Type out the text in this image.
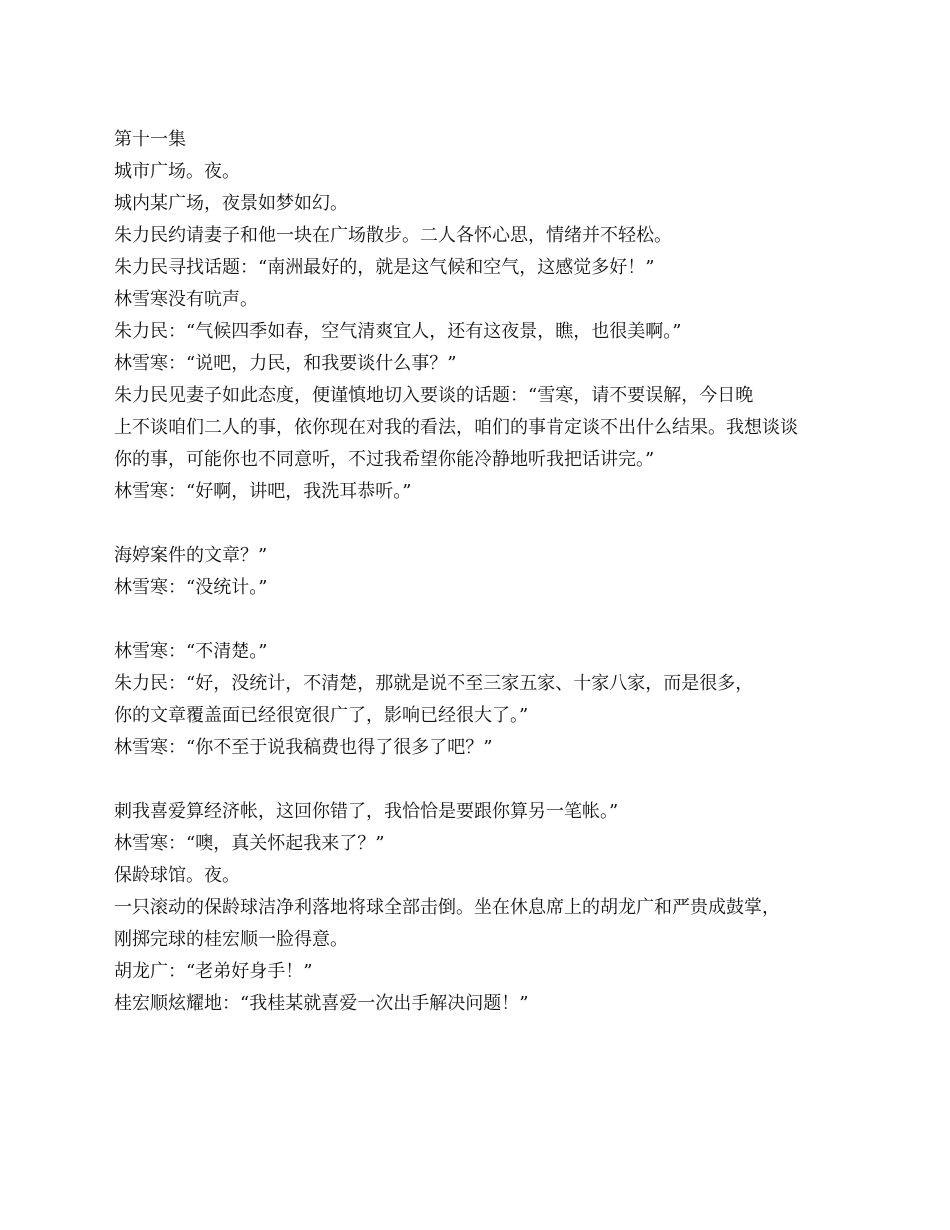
第十一集
城市广场。夜。
城内某广场，夜景如梦如幻。
朱力民约请妻子和他一块在广场散步。二人各怀心思，情绪并不轻松。
朱力民寻找话题：“南洲最好的，就是这气候和空气，这感觉多好！”
林雪寒没有吭声。
朱力民：“气候四季如春，空气清爽宜人，还有这夜景，瞧，也很美啊。”
林雪寒：“说吧，力民，和我要谈什么事？”
朱力民见妻子如此态度，便谨慎地切入要谈的话题：“雪寒，请不要误解，今日晚
上不谈咱们二人的事，依你现在对我的看法，咱们的事肯定谈不出什么结果。我想谈谈
你的事，可能你也不同意听，不过我希望你能冷静地听我把话讲完。”
林雪寒：“好啊，讲吧，我洗耳恭听。”
海婷案件的文章？”
林雪寒：“没统计。”
林雪寒：“不清楚。”
朱力民：“好，没统计，不清楚，那就是说不至三家五家、十家八家，而是很多，
你的文章覆盖面已经很宽很广了，影响已经很大了。”
林雪寒：“你不至于说我稿费也得了很多了吧？”
刺我喜爱算经济帐，这回你错了，我恰恰是要跟你算另一笔帐。”
林雪寒：“噢，真关怀起我来了？”
保龄球馆。夜。
一只滚动的保龄球洁净利落地将球全部击倒。坐在休息席上的胡龙广和严贵成鼓掌，
刚掷完球的桂宏顺一脸得意。
胡龙广：“老弟好身手！”
桂宏顺炫耀地：“我桂某就喜爱一次出手解决问题！”
